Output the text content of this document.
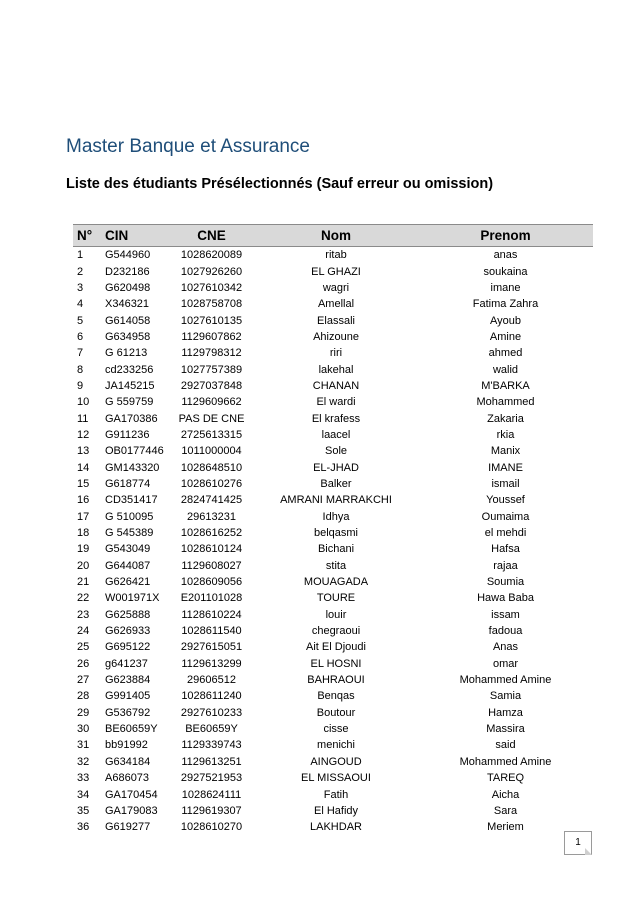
Master Banque et Assurance

Liste des étudiants Présélectionnés (Sauf erreur ou omission)

N°	CIN	CNE	Nom	Prenom
1	G544960	1028620089	ritab	anas
2	D232186	1027926260	EL GHAZI	soukaina
3	G620498	1027610342	wagri	imane
4	X346321	1028758708	Amellal	Fatima Zahra
5	G614058	1027610135	Elassali	Ayoub
6	G634958	1129607862	Ahizoune	Amine
7	G 61213	1129798312	riri	ahmed
8	cd233256	1027757389	lakehal	walid
9	JA145215	2927037848	CHANAN	M'BARKA
10	G 559759	1129609662	El wardi	Mohammed
11	GA170386	PAS DE CNE	El krafess	Zakaria
12	G911236	2725613315	laacel	rkia
13	OB0177446	1011000004	Sole	Manix
14	GM143320	1028648510	EL-JHAD	IMANE
15	G618774	1028610276	Balker	ismail
16	CD351417	2824741425	AMRANI MARRAKCHI	Youssef
17	G 510095	29613231	Idhya	Oumaima
18	G 545389	1028616252	belqasmi	el mehdi
19	G543049	1028610124	Bichani	Hafsa
20	G644087	1129608027	stita	rajaa
21	G626421	1028609056	MOUAGADA	Soumia
22	W001971X	E201101028	TOURE	Hawa Baba
23	G625888	1128610224	louir	issam
24	G626933	1028611540	chegraoui	fadoua
25	G695122	2927615051	Ait El Djoudi	Anas
26	g641237	1129613299	EL HOSNI	omar
27	G623884	29606512	BAHRAOUI	Mohammed Amine
28	G991405	1028611240	Benqas	Samia
29	G536792	2927610233	Boutour	Hamza
30	BE60659Y	BE60659Y	cisse	Massira
31	bb91992	1129339743	menichi	said
32	G634184	1129613251	AINGOUD	Mohammed Amine
33	A686073	2927521953	EL MISSAOUI	TAREQ
34	GA170454	1028624111	Fatih	Aicha
35	GA179083	1129619307	El Hafidy	Sara
36	G619277	1028610270	LAKHDAR	Meriem
1
